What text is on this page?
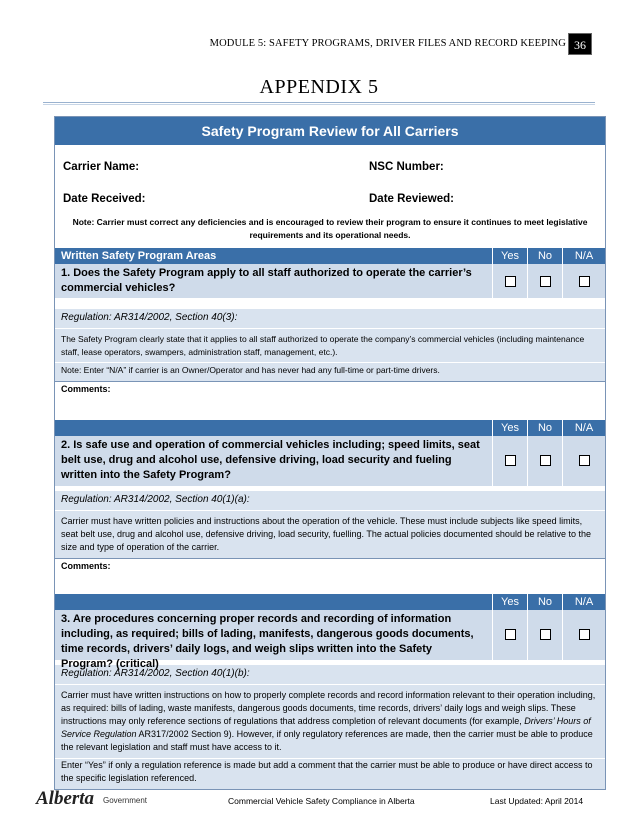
MODULE 5: SAFETY PROGRAMS, DRIVER FILES AND RECORD KEEPING 36
APPENDIX 5
Safety Program Review for All Carriers
Carrier Name:	NSC Number:
Date Received:	Date Reviewed:
Note: Carrier must correct any deficiencies and is encouraged to review their program to ensure it continues to meet legislative requirements and its operational needs.
Written Safety Program Areas	Yes	No	N/A
1. Does the Safety Program apply to all staff authorized to operate the carrier’s commercial vehicles?
Regulation: AR314/2002, Section 40(3):
The Safety Program clearly state that it applies to all staff authorized to operate the company’s commercial vehicles (including maintenance staff, lease operators, swampers, administration staff, management, etc.).
Note: Enter “N/A” if carrier is an Owner/Operator and has never had any full-time or part-time drivers.
Comments:
Yes	No	N/A
2. Is safe use and operation of commercial vehicles including; speed limits, seat belt use, drug and alcohol use, defensive driving, load security and fueling written into the Safety Program?
Regulation: AR314/2002, Section 40(1)(a):
Carrier must have written policies and instructions about the operation of the vehicle. These must include subjects like speed limits, seat belt use, drug and alcohol use, defensive driving, load security, fuelling. The actual policies documented should be relative to the size and type of operation of the carrier.
Comments:
Yes	No	N/A
3. Are procedures concerning proper records and recording of information including, as required; bills of lading, manifests, dangerous goods documents, time records, drivers’ daily logs, and weigh slips written into the Safety Program? (critical)
Regulation: AR314/2002, Section 40(1)(b):
Carrier must have written instructions on how to properly complete records and record information relevant to their operation including, as required: bills of lading, waste manifests, dangerous goods documents, time records, drivers’ daily logs and weigh slips. These instructions may only reference sections of regulations that address completion of relevant documents (for example, Drivers’ Hours of Service Regulation AR317/2002 Section 9). However, if only regulatory references are made, then the carrier must be able to produce the relevant legislation and staff must have access to it.
Enter “Yes” if only a regulation reference is made but add a comment that the carrier must be able to produce or have direct access to the specific legislation referenced.
Alberta Government	Commercial Vehicle Safety Compliance in Alberta	Last Updated: April 2014
